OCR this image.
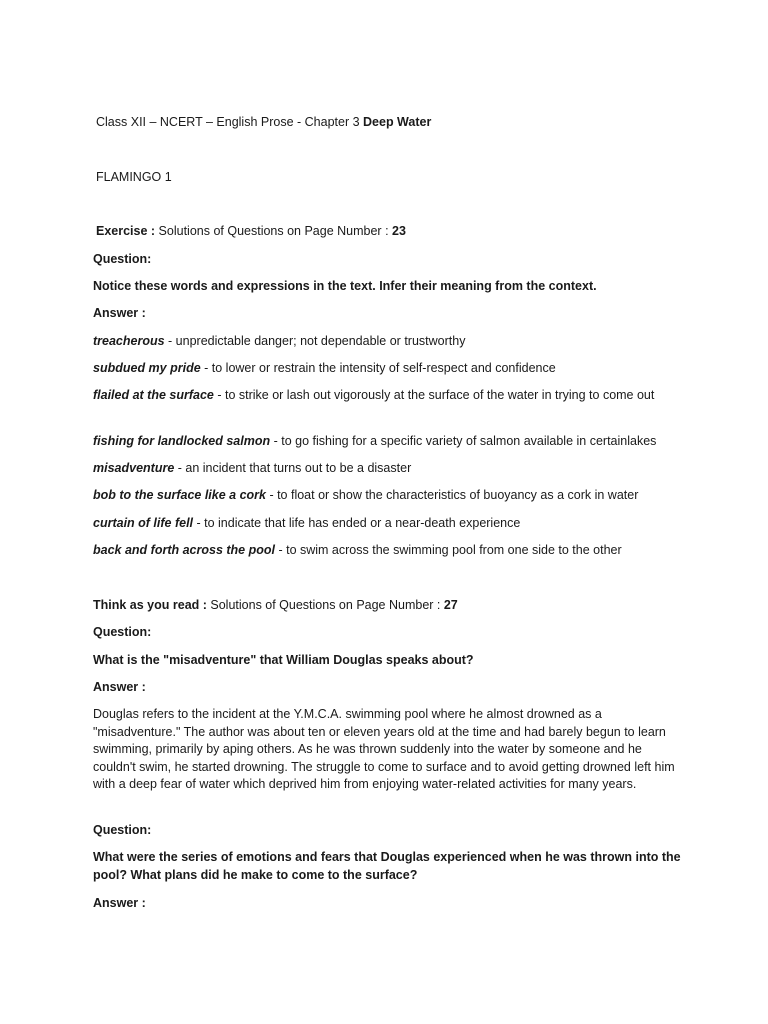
Class XII – NCERT – English Prose - Chapter 3 Deep Water
FLAMINGO 1
Exercise : Solutions of Questions on Page Number : 23
Question:
Notice these words and expressions in the text. Infer their meaning from the context.
Answer :
treacherous - unpredictable danger; not dependable or trustworthy
subdued my pride - to lower or restrain the intensity of self-respect and confidence
flailed at the surface - to strike or lash out vigorously at the surface of the water in trying to come out
fishing for landlocked salmon - to go fishing for a specific variety of salmon available in certainlakes
misadventure - an incident that turns out to be a disaster
bob to the surface like a cork - to float or show the characteristics of buoyancy as a cork in water
curtain of life fell - to indicate that life has ended or a near-death experience
back and forth across the pool - to swim across the swimming pool from one side to the other
Think as you read : Solutions of Questions on Page Number : 27
Question:
What is the "misadventure" that William Douglas speaks about?
Answer :
Douglas refers to the incident at the Y.M.C.A. swimming pool where he almost drowned as a "misadventure." The author was about ten or eleven years old at the time and had barely begun to learn swimming, primarily by aping others. As he was thrown suddenly into the water by someone and he couldn't swim, he started drowning. The struggle to come to surface and to avoid getting drowned left him with a deep fear of water which deprived him from enjoying water-related activities for many years.
Question:
What were the series of emotions and fears that Douglas experienced when he was thrown into the pool? What plans did he make to come to the surface?
Answer :
